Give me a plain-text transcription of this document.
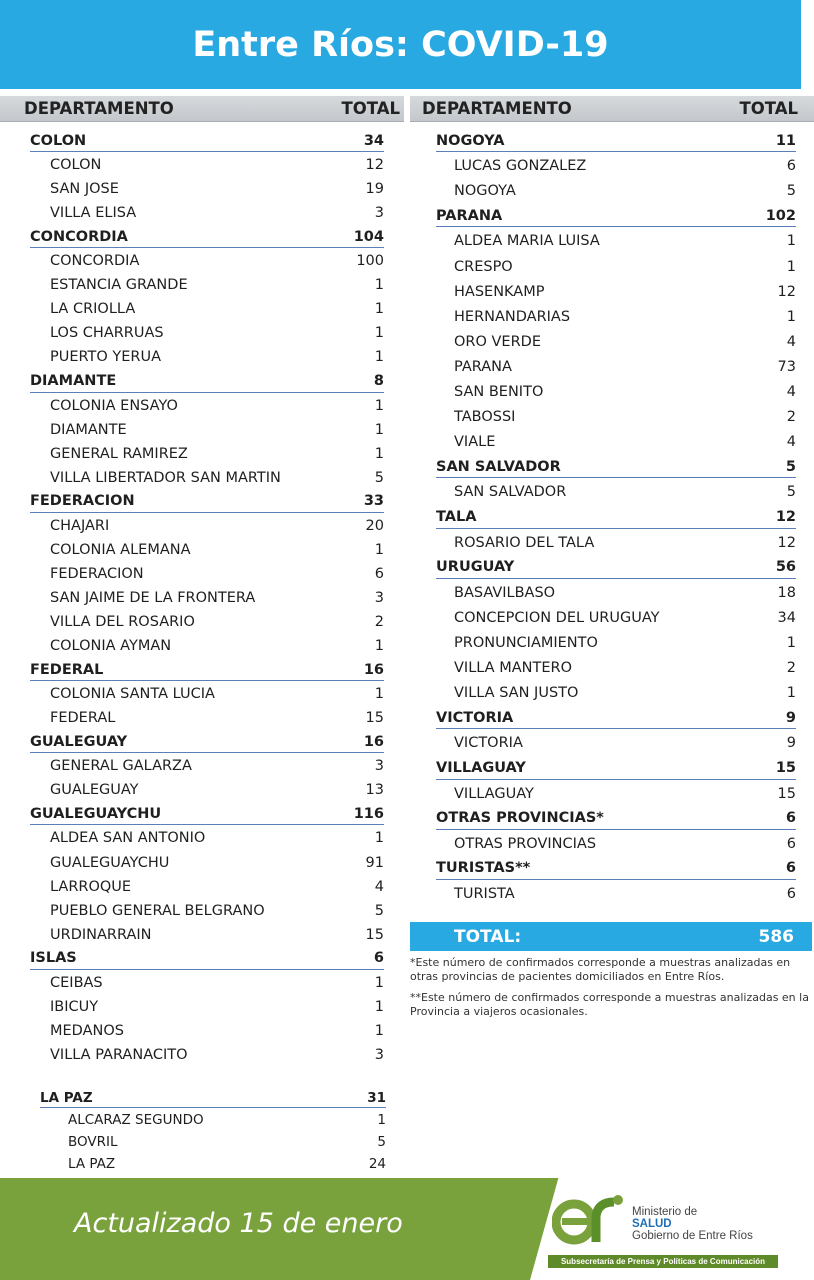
Entre Ríos: COVID-19
DEPARTAMENTO	TOTAL
COLON	34
COLON	12
SAN JOSE	19
VILLA ELISA	3
CONCORDIA	104
CONCORDIA	100
ESTANCIA GRANDE	1
LA CRIOLLA	1
LOS CHARRUAS	1
PUERTO YERUA	1
DIAMANTE	8
COLONIA ENSAYO	1
DIAMANTE	1
GENERAL RAMIREZ	1
VILLA LIBERTADOR SAN MARTIN	5
FEDERACION	33
CHAJARI	20
COLONIA ALEMANA	1
FEDERACION	6
SAN JAIME DE LA FRONTERA	3
VILLA DEL ROSARIO	2
COLONIA AYMAN	1
FEDERAL	16
COLONIA SANTA LUCIA	1
FEDERAL	15
GUALEGUAY	16
GENERAL GALARZA	3
GUALEGUAY	13
GUALEGUAYCHU	116
ALDEA SAN ANTONIO	1
GUALEGUAYCHU	91
LARROQUE	4
PUEBLO GENERAL BELGRANO	5
URDINARRAIN	15
ISLAS	6
CEIBAS	1
IBICUY	1
MEDANOS	1
VILLA PARANACITO	3
LA PAZ	31
ALCARAZ SEGUNDO	1
BOVRIL	5
LA PAZ	24
DEPARTAMENTO	TOTAL
NOGOYA	11
LUCAS GONZALEZ	6
NOGOYA	5
PARANA	102
ALDEA MARIA LUISA	1
CRESPO	1
HASENKAMP	12
HERNANDARIAS	1
ORO VERDE	4
PARANA	73
SAN BENITO	4
TABOSSI	2
VIALE	4
SAN SALVADOR	5
SAN SALVADOR	5
TALA	12
ROSARIO DEL TALA	12
URUGUAY	56
BASAVILBASO	18
CONCEPCION DEL URUGUAY	34
PRONUNCIAMIENTO	1
VILLA MANTERO	2
VILLA SAN JUSTO	1
VICTORIA	9
VICTORIA	9
VILLAGUAY	15
VILLAGUAY	15
OTRAS PROVINCIAS*	6
OTRAS PROVINCIAS	6
TURISTAS**	6
TURISTA	6
TOTAL:	586
*Este número de confirmados corresponde a muestras analizadas en otras provincias de pacientes domiciliados en Entre Ríos.
**Este número de confirmados corresponde a muestras analizadas en la Provincia a viajeros ocasionales.
Actualizado 15 de enero	Ministerio de
SALUD
Gobierno de Entre Ríos
Subsecretaría de Prensa y Políticas de Comunicación
